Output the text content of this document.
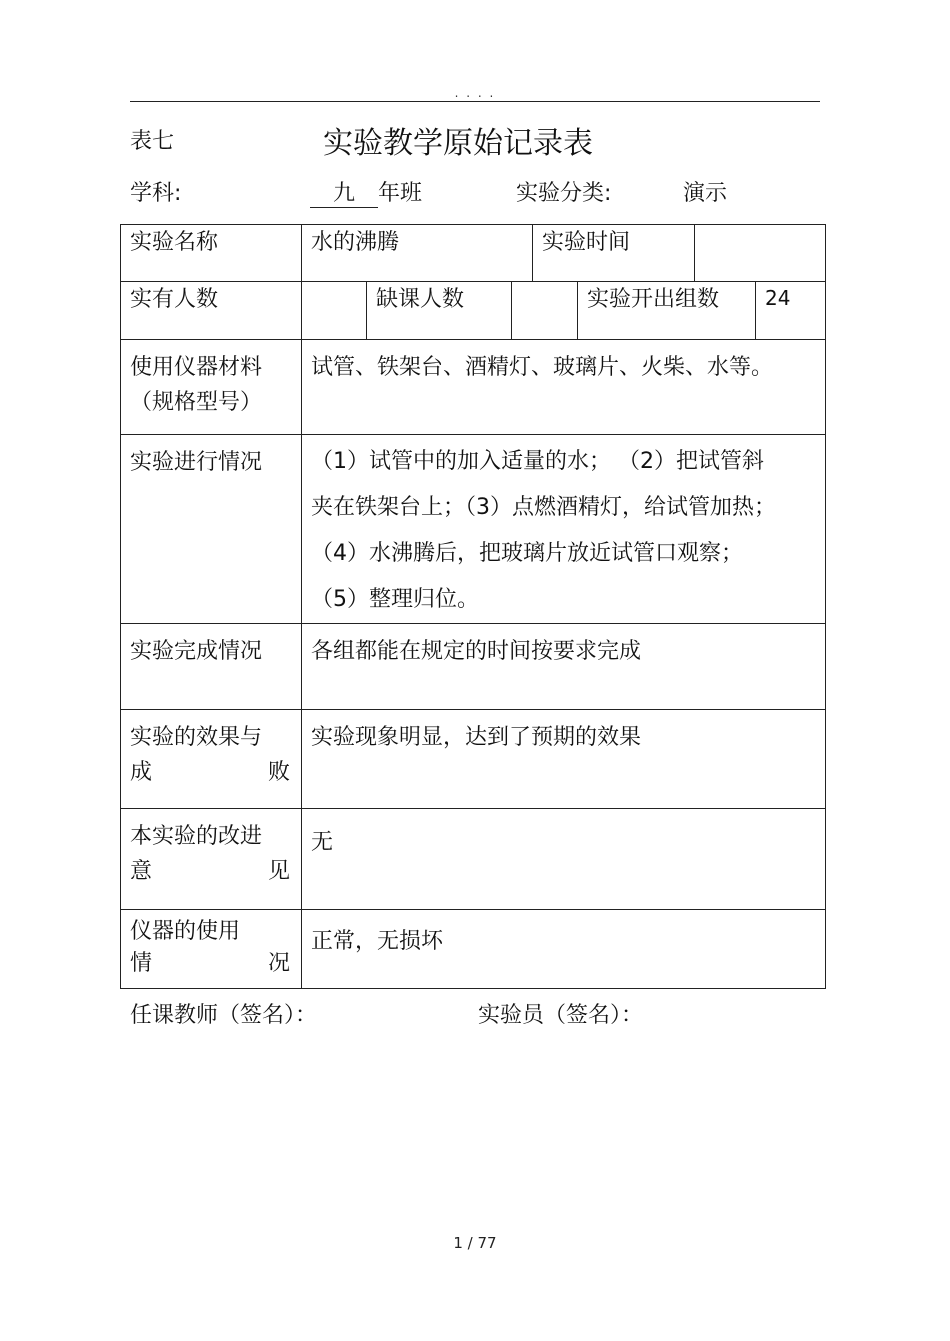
. . . .
表七	实验教学原始记录表
学科:	九 年班	实验分类:	演示
实验名称	水的沸腾			实验时间			
实有人数		缺课人数			实验开出组数		24

使用仪器材料
（规格型号）	试管、铁架台、酒精灯、玻璃片、火柴、水等。						
实验进行情况	（1）试管中的加入适量的水； （2）把试管斜
夹在铁架台上；（3）点燃酒精灯，给试管加热；
（4）水沸腾后，把玻璃片放近试管口观察；
（5）整理归位。						

实验完成情况	各组都能在规定的时间按要求完成						

实验的效果与
成 败	实验现象明显，达到了预期的效果						

本实验的改进
意 见	无						

仪器的使用
情 况	正常，无损坏						
任课教师（签名）：	实验员（签名）：
1 / 77
